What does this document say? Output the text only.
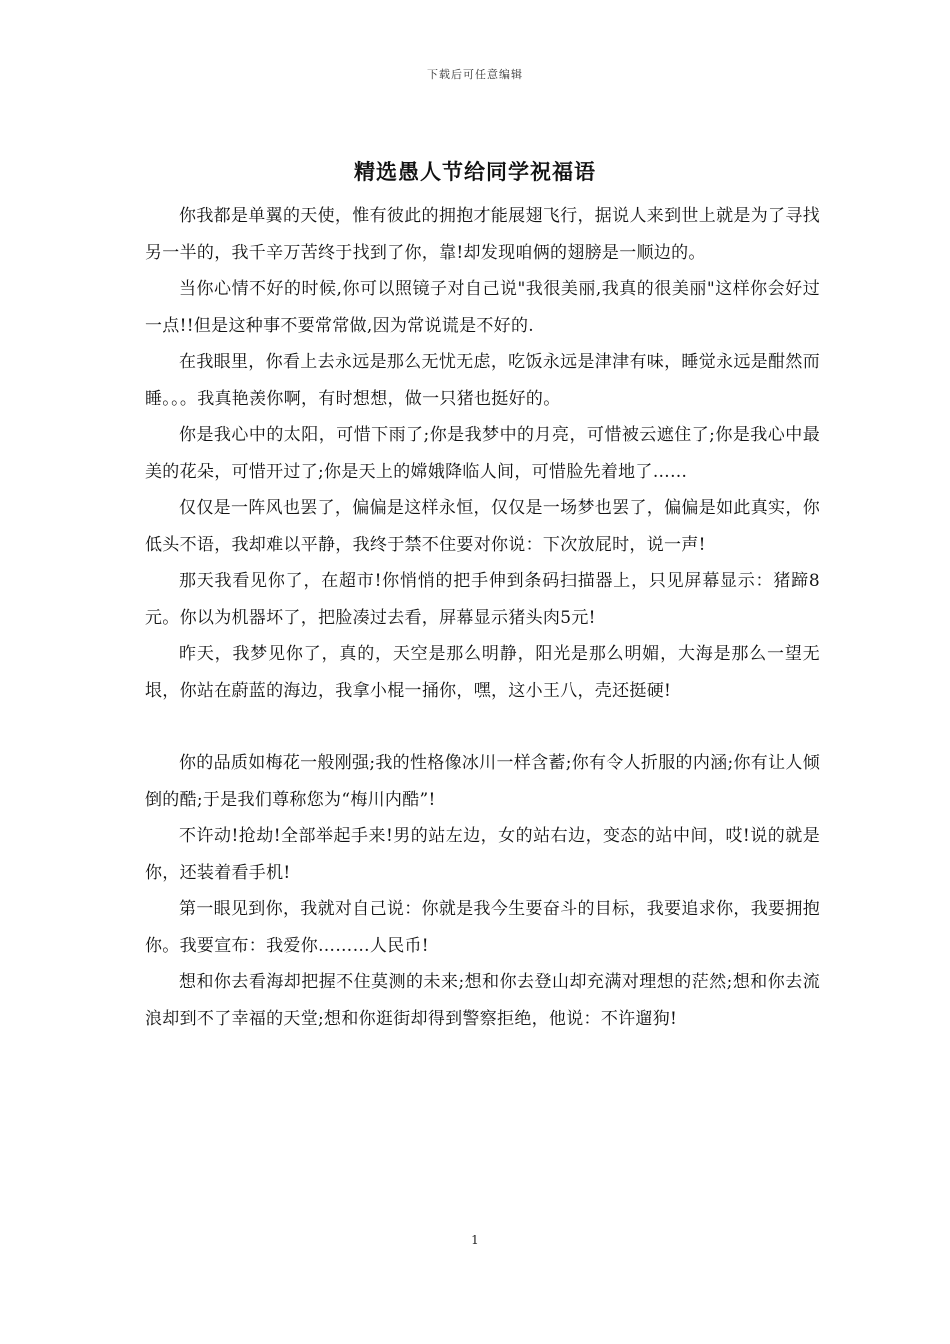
下载后可任意编辑
精选愚人节给同学祝福语

你我都是单翼的天使，惟有彼此的拥抱才能展翅飞行，据说人来到世上就是为了寻找另一半的，我千辛万苦终于找到了你，靠!却发现咱俩的翅膀是一顺边的。

当你心情不好的时候,你可以照镜子对自己说"我很美丽,我真的很美丽"这样你会好过一点!!但是这种事不要常常做,因为常说谎是不好的.

在我眼里，你看上去永远是那么无忧无虑，吃饭永远是津津有味，睡觉永远是酣然而睡。。。我真艳羡你啊，有时想想，做一只猪也挺好的。

你是我心中的太阳，可惜下雨了;你是我梦中的月亮，可惜被云遮住了;你是我心中最美的花朵，可惜开过了;你是天上的嫦娥降临人间，可惜脸先着地了……

仅仅是一阵风也罢了，偏偏是这样永恒，仅仅是一场梦也罢了，偏偏是如此真实，你低头不语，我却难以平静，我终于禁不住要对你说：下次放屁时，说一声!

那天我看见你了，在超市!你悄悄的把手伸到条码扫描器上，只见屏幕显示：猪蹄8元。你以为机器坏了，把脸凑过去看，屏幕显示猪头肉5元!

昨天，我梦见你了，真的，天空是那么明静，阳光是那么明媚，大海是那么一望无垠，你站在蔚蓝的海边，我拿小棍一捅你，嘿，这小王八，壳还挺硬!

你的品质如梅花一般刚强;我的性格像冰川一样含蓄;你有令人折服的内涵;你有让人倾倒的酷;于是我们尊称您为“梅川内酷”!

不许动!抢劫!全部举起手来!男的站左边，女的站右边，变态的站中间，哎!说的就是你，还装着看手机!

第一眼见到你，我就对自己说：你就是我今生要奋斗的目标，我要追求你，我要拥抱你。我要宣布：我爱你………人民币!

想和你去看海却把握不住莫测的未来;想和你去登山却充满对理想的茫然;想和你去流浪却到不了幸福的天堂;想和你逛街却得到警察拒绝，他说：不许遛狗!

1
